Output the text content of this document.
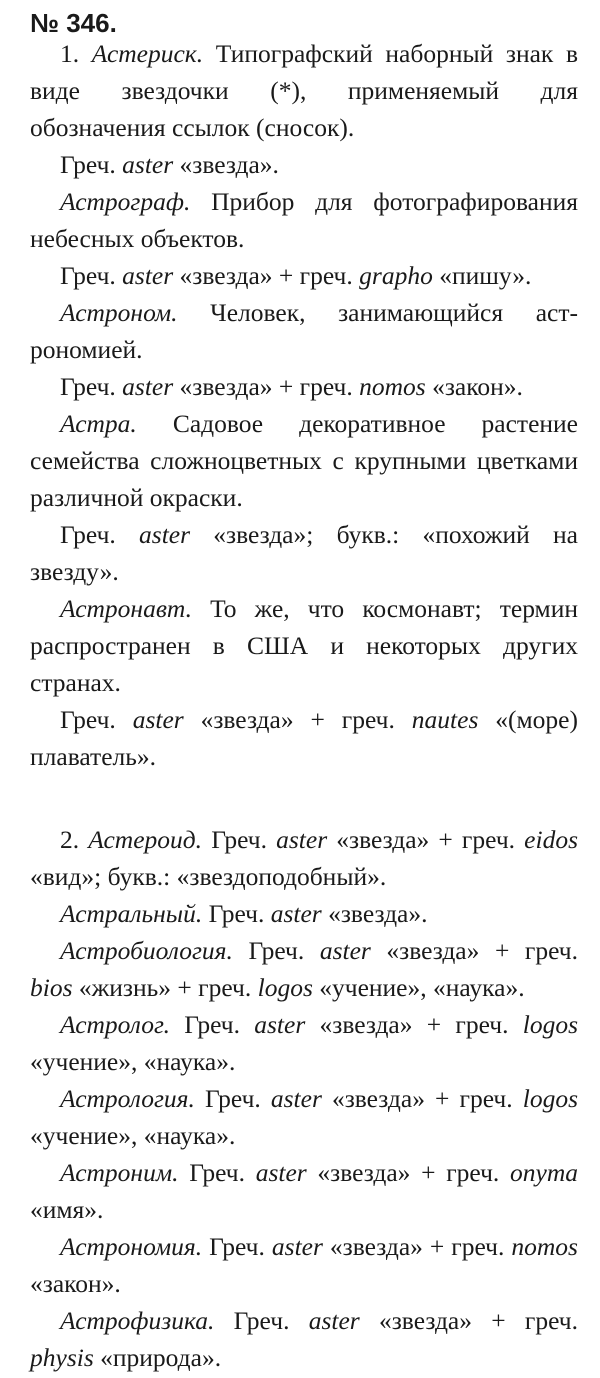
№ 346.

1. Астериск. Типографский наборный знак в виде звездочки (*), применяемый для обозначения ссылок (сносок).

Греч. aster «звезда».

Астрограф. Прибор для фотографирования небесных объектов.

Греч. aster «звезда» + греч. grapho «пишу».

Астроном. Человек, занимающийся астрономией.

Греч. aster «звезда» + греч. nomos «закон».

Астра. Садовое декоративное растение семейства сложноцветных с крупными цветками различной окраски.

Греч. aster «звезда»; букв.: «похожий на звезду».

Астронавт. То же, что космонавт; термин распространен в США и некоторых других странах.

Греч. aster «звезда» + греч. nautes «(море) плаватель».

2. Астероид. Греч. aster «звезда» + греч. eidos «вид»; букв.: «звездоподобный».

Астральный. Греч. aster «звезда».

Астробиология. Греч. aster «звезда» + греч. bios «жизнь» + греч. logos «учение», «наука».

Астролог. Греч. aster «звезда» + греч. logos «учение», «наука».

Астрология. Греч. aster «звезда» + греч. logos «учение», «наука».

Астроним. Греч. aster «звезда» + греч. onyma «имя».

Астрономия. Греч. aster «звезда» + греч. nomos «закон».

Астрофизика. Греч. aster «звезда» + греч. physis «природа».
